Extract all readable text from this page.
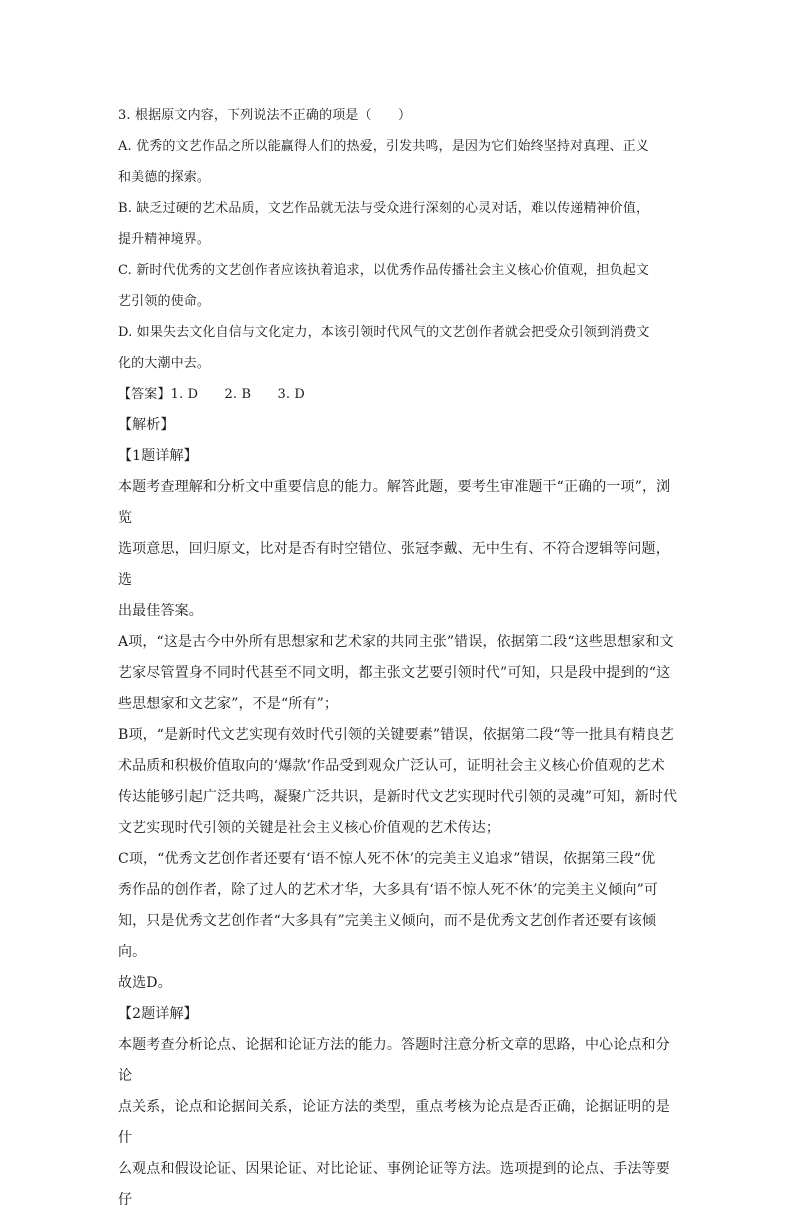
3. 根据原文内容，下列说法不正确的项是（　　）

A. 优秀的文艺作品之所以能赢得人们的热爱，引发共鸣，是因为它们始终坚持对真理、正义

和美德的探索。

B. 缺乏过硬的艺术品质，文艺作品就无法与受众进行深刻的心灵对话，难以传递精神价值，

提升精神境界。

C. 新时代优秀的文艺创作者应该执着追求，以优秀作品传播社会主义核心价值观，担负起文

艺引领的使命。

D. 如果失去文化自信与文化定力，本该引领时代风气的文艺创作者就会把受众引领到消费文

化的大潮中去。

【答案】1. D　　2. B　　3. D

【解析】

【1题详解】

本题考查理解和分析文中重要信息的能力。解答此题，要考生审准题干“正确的一项”，浏览

选项意思，回归原文，比对是否有时空错位、张冠李戴、无中生有、不符合逻辑等问题，选

出最佳答案。

A项，“这是古今中外所有思想家和艺术家的共同主张”错误，依据第二段“这些思想家和文

艺家尽管置身不同时代甚至不同文明，都主张文艺要引领时代”可知，只是段中提到的“这

些思想家和文艺家”，不是“所有”；

B项，“是新时代文艺实现有效时代引领的关键要素”错误，依据第二段“等一批具有精良艺

术品质和积极价值取向的‘爆款’作品受到观众广泛认可，证明社会主义核心价值观的艺术

传达能够引起广泛共鸣，凝聚广泛共识，是新时代文艺实现时代引领的灵魂”可知，新时代

文艺实现时代引领的关键是社会主义核心价值观的艺术传达；

C项，“优秀文艺创作者还要有‘语不惊人死不休’的完美主义追求”错误，依据第三段“优

秀作品的创作者，除了过人的艺术才华，大多具有‘语不惊人死不休’的完美主义倾向”可

知，只是优秀文艺创作者“大多具有”完美主义倾向，而不是优秀文艺创作者还要有该倾向。

故选D。

【2题详解】

本题考查分析论点、论据和论证方法的能力。答题时注意分析文章的思路，中心论点和分论

点关系，论点和论据间关系，论证方法的类型，重点考核为论点是否正确，论据证明的是什

么观点和假设论证、因果论证、对比论证、事例论证等方法。选项提到的论点、手法等要仔
